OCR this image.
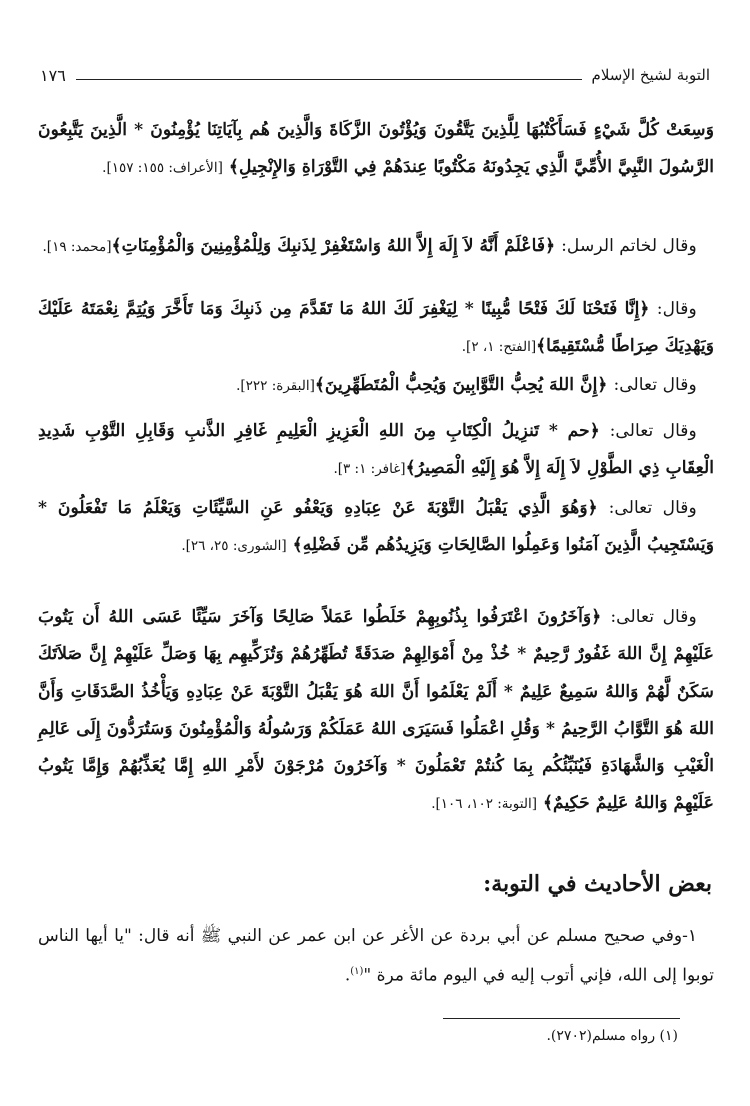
التوبة لشيخ الإسلام
١٧٦

وَسِعَتْ كُلَّ شَيْءٍ فَسَأَكْتُبُهَا لِلَّذِينَ يَتَّقُونَ وَيُؤْتُونَ الزَّكَاةَ وَالَّذِينَ هُم بِآيَاتِنَا يُؤْمِنُونَ * الَّذِينَ يَتَّبِعُونَ الرَّسُولَ النَّبِيَّ الأُمِّيَّ الَّذِي يَجِدُونَهُ مَكْتُوبًا عِندَهُمْ فِي التَّوْرَاةِ وَالإِنْجِيلِ﴾ [الأعراف: ١٥٥: ١٥٧].

 وقال لخاتم الرسل: ﴿فَاعْلَمْ أَنَّهُ لاَ إِلَهَ إِلاَّ اللهُ وَاسْتَغْفِرْ لِذَنبِكَ وَلِلْمُؤْمِنِينَ وَالْمُؤْمِنَاتِ﴾[محمد: ١٩].

 وقال: ﴿إِنَّا فَتَحْنَا لَكَ فَتْحًا مُّبِينًا * لِيَغْفِرَ لَكَ اللهُ مَا تَقَدَّمَ مِن ذَنبِكَ وَمَا تَأَخَّرَ وَيُتِمَّ نِعْمَتَهُ عَلَيْكَ وَيَهْدِيَكَ صِرَاطًا مُّسْتَقِيمًا﴾[الفتح: ١، ٢].

 وقال تعالى: ﴿إِنَّ اللهَ يُحِبُّ التَّوَّابِينَ وَيُحِبُّ الْمُتَطَهِّرِينَ﴾[البقرة: ٢٢٢].

 وقال تعالى: ﴿حم * تَنزِيلُ الْكِتَابِ مِنَ اللهِ الْعَزِيزِ الْعَلِيمِ غَافِرِ الذَّنبِ وَقَابِلِ التَّوْبِ شَدِيدِ الْعِقَابِ ذِي الطَّوْلِ لاَ إِلَهَ إِلاَّ هُوَ إِلَيْهِ الْمَصِيرُ﴾[غافر: ١: ٣].

 وقال تعالى: ﴿وَهُوَ الَّذِي يَقْبَلُ التَّوْبَةَ عَنْ عِبَادِهِ وَيَعْفُو عَنِ السَّيِّئَاتِ وَيَعْلَمُ مَا تَفْعَلُونَ * وَيَسْتَجِيبُ الَّذِينَ آمَنُوا وَعَمِلُوا الصَّالِحَاتِ وَيَزِيدُهُم مِّن فَضْلِهِ﴾ [الشورى: ٢٥، ٢٦].

 وقال تعالى: ﴿وَآخَرُونَ اعْتَرَفُوا بِذُنُوبِهِمْ خَلَطُوا عَمَلاً صَالِحًا وَآخَرَ سَيِّئًا عَسَى اللهُ أَن يَتُوبَ عَلَيْهِمْ إِنَّ اللهَ غَفُورٌ رَّحِيمٌ * خُذْ مِنْ أَمْوَالِهِمْ صَدَقَةً تُطَهِّرُهُمْ وَتُزَكِّيهِم بِهَا وَصَلِّ عَلَيْهِمْ إِنَّ صَلاَتَكَ سَكَنٌ لَّهُمْ وَاللهُ سَمِيعٌ عَلِيمٌ * أَلَمْ يَعْلَمُوا أَنَّ اللهَ هُوَ يَقْبَلُ التَّوْبَةَ عَنْ عِبَادِهِ وَيَأْخُذُ الصَّدَقَاتِ وَأَنَّ اللهَ هُوَ التَّوَّابُ الرَّحِيمُ * وَقُلِ اعْمَلُوا فَسَيَرَى اللهُ عَمَلَكُمْ وَرَسُولُهُ وَالْمُؤْمِنُونَ وَسَتُرَدُّونَ إِلَى عَالِمِ الْغَيْبِ وَالشَّهَادَةِ فَيُنَبِّئُكُم بِمَا كُنتُمْ تَعْمَلُونَ * وَآخَرُونَ مُرْجَوْنَ لأَمْرِ اللهِ إِمَّا يُعَذِّبُهُمْ وَإِمَّا يَتُوبُ عَلَيْهِمْ وَاللهُ عَلِيمٌ حَكِيمٌ﴾ [التوبة: ١٠٢، ١٠٦].

بعض الأحاديث في التوبة:
 ١-وفي صحيح مسلم عن أبي بردة عن الأغر عن ابن عمر عن النبي ﷺ أنه قال: "يا أيها الناس توبوا إلى الله، فإني أتوب إليه في اليوم مائة مرة "$^{(١)}$.
(١) رواه مسلم(٢٧٠٢).
